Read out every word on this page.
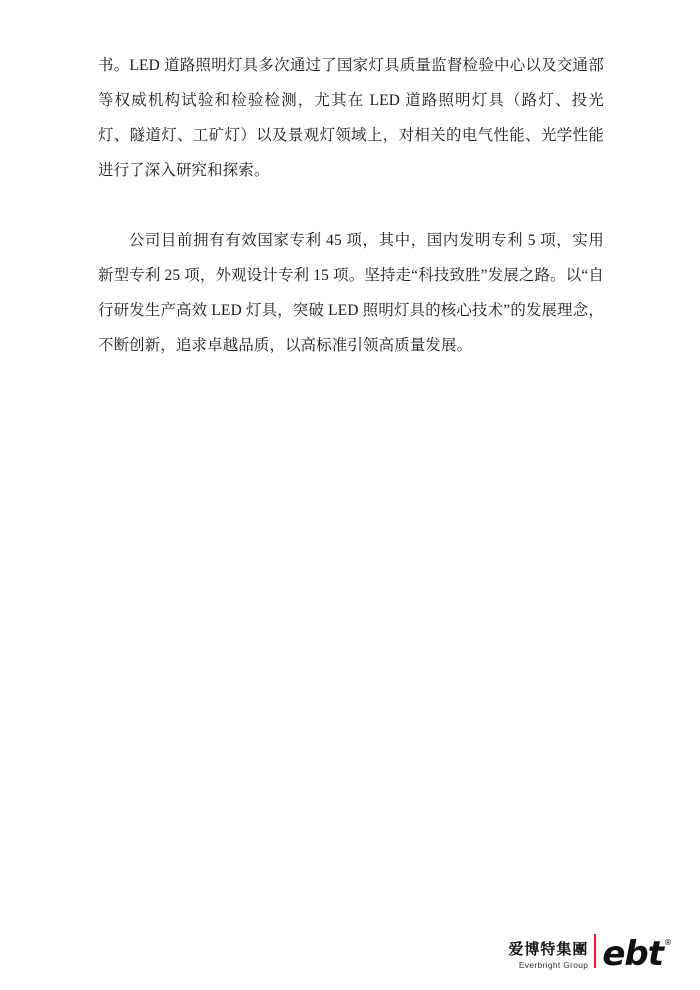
书。LED 道路照明灯具多次通过了国家灯具质量监督检验中心以及交通部等权威机构试验和检验检测，尤其在 LED 道路照明灯具（路灯、投光灯、隧道灯、工矿灯）以及景观灯领域上，对相关的电气性能、光学性能进行了深入研究和探索。

公司目前拥有有效国家专利 45 项，其中，国内发明专利 5 项，实用新型专利 25 项，外观设计专利 15 项。坚持走“科技致胜”发展之路。以“自行研发生产高效 LED 灯具，突破 LED 照明灯具的核心技术”的发展理念，不断创新，追求卓越品质，以高标准引领高质量发展。

爱博特集團
Everbright Group ebt ®
